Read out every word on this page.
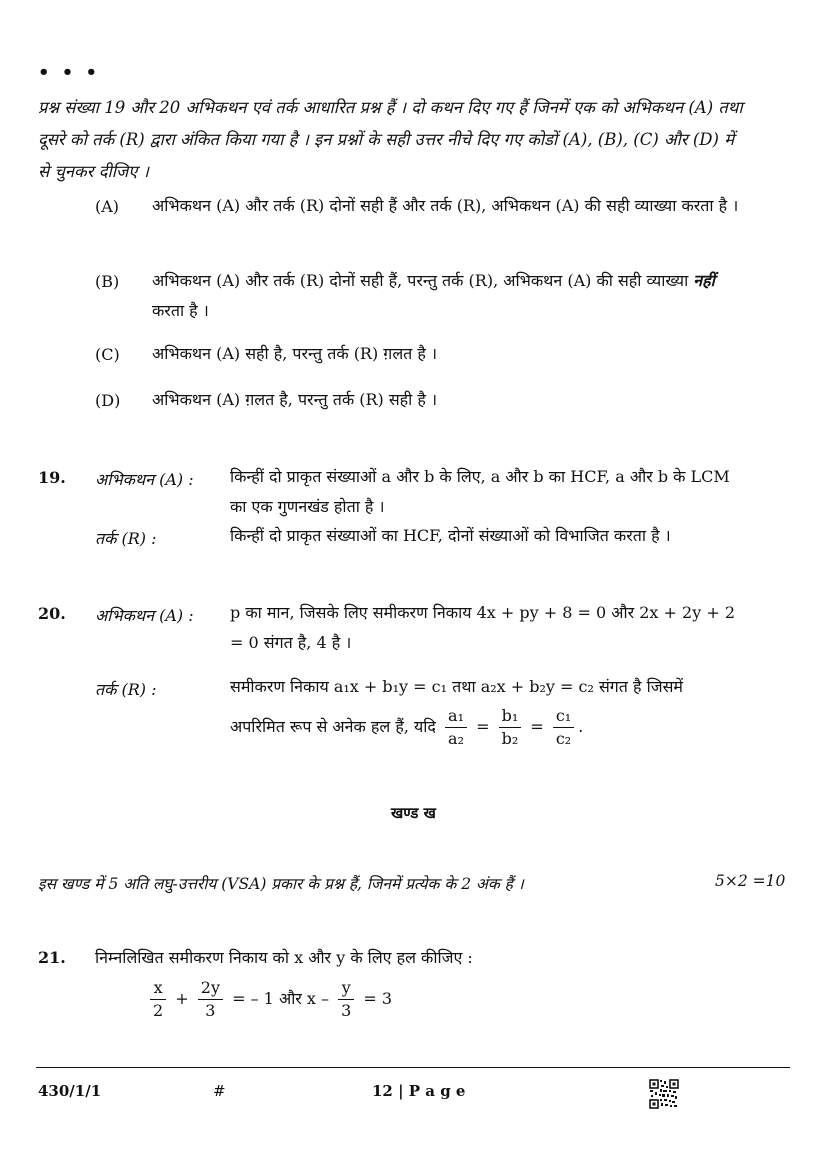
• • •
प्रश्न संख्या 19 और 20 अभिकथन एवं तर्क आधारित प्रश्न हैं । दो कथन दिए गए हैं जिनमें एक को अभिकथन (A) तथा दूसरे को तर्क (R) द्वारा अंकित किया गया है । इन प्रश्नों के सही उत्तर नीचे दिए गए कोडों (A), (B), (C) और (D) में से चुनकर दीजिए ।
(A) अभिकथन (A) और तर्क (R) दोनों सही हैं और तर्क (R), अभिकथन (A) की सही व्याख्या करता है ।
(B) अभिकथन (A) और तर्क (R) दोनों सही हैं, परन्तु तर्क (R), अभिकथन (A) की सही व्याख्या नहीं करता है ।
(C) अभिकथन (A) सही है, परन्तु तर्क (R) ग़लत है ।
(D) अभिकथन (A) ग़लत है, परन्तु तर्क (R) सही है ।
19. अभिकथन (A) : किन्हीं दो प्राकृत संख्याओं a और b के लिए, a और b का HCF, a और b के LCM का एक गुणनखंड होता है ।
तर्क (R) :	किन्हीं दो प्राकृत संख्याओं का HCF, दोनों संख्याओं को विभाजित करता है ।
20. अभिकथन (A) : p का मान, जिसके लिए समीकरण निकाय 4x + py + 8 = 0 और 2x + 2y + 2 = 0 संगत है, 4 है ।
तर्क (R) :	समीकरण निकाय a₁x + b₁y = c₁ तथा a₂x + b₂y = c₂ संगत है जिसमें
अपरिमित रूप से अनेक हल हैं, यदि $\frac{\text{a₁}}{\text{a₂}} = \frac{\text{b₁}}{\text{b₂}} = \frac{\text{c₁}}{\text{c₂}}$ .
खण्ड ख
इस खण्ड में 5 अति लघु-उत्तरीय (VSA) प्रकार के प्रश्न हैं, जिनमें प्रत्येक के 2 अंक हैं ।	5×2 =10
21. निम्नलिखित समीकरण निकाय को x और y के लिए हल कीजिए :
$\frac{x}{2} + \frac{2y}{3}$ = – 1 और $x - \frac{y}{3} = 3$
430/1/1	#	12 | P a g e
